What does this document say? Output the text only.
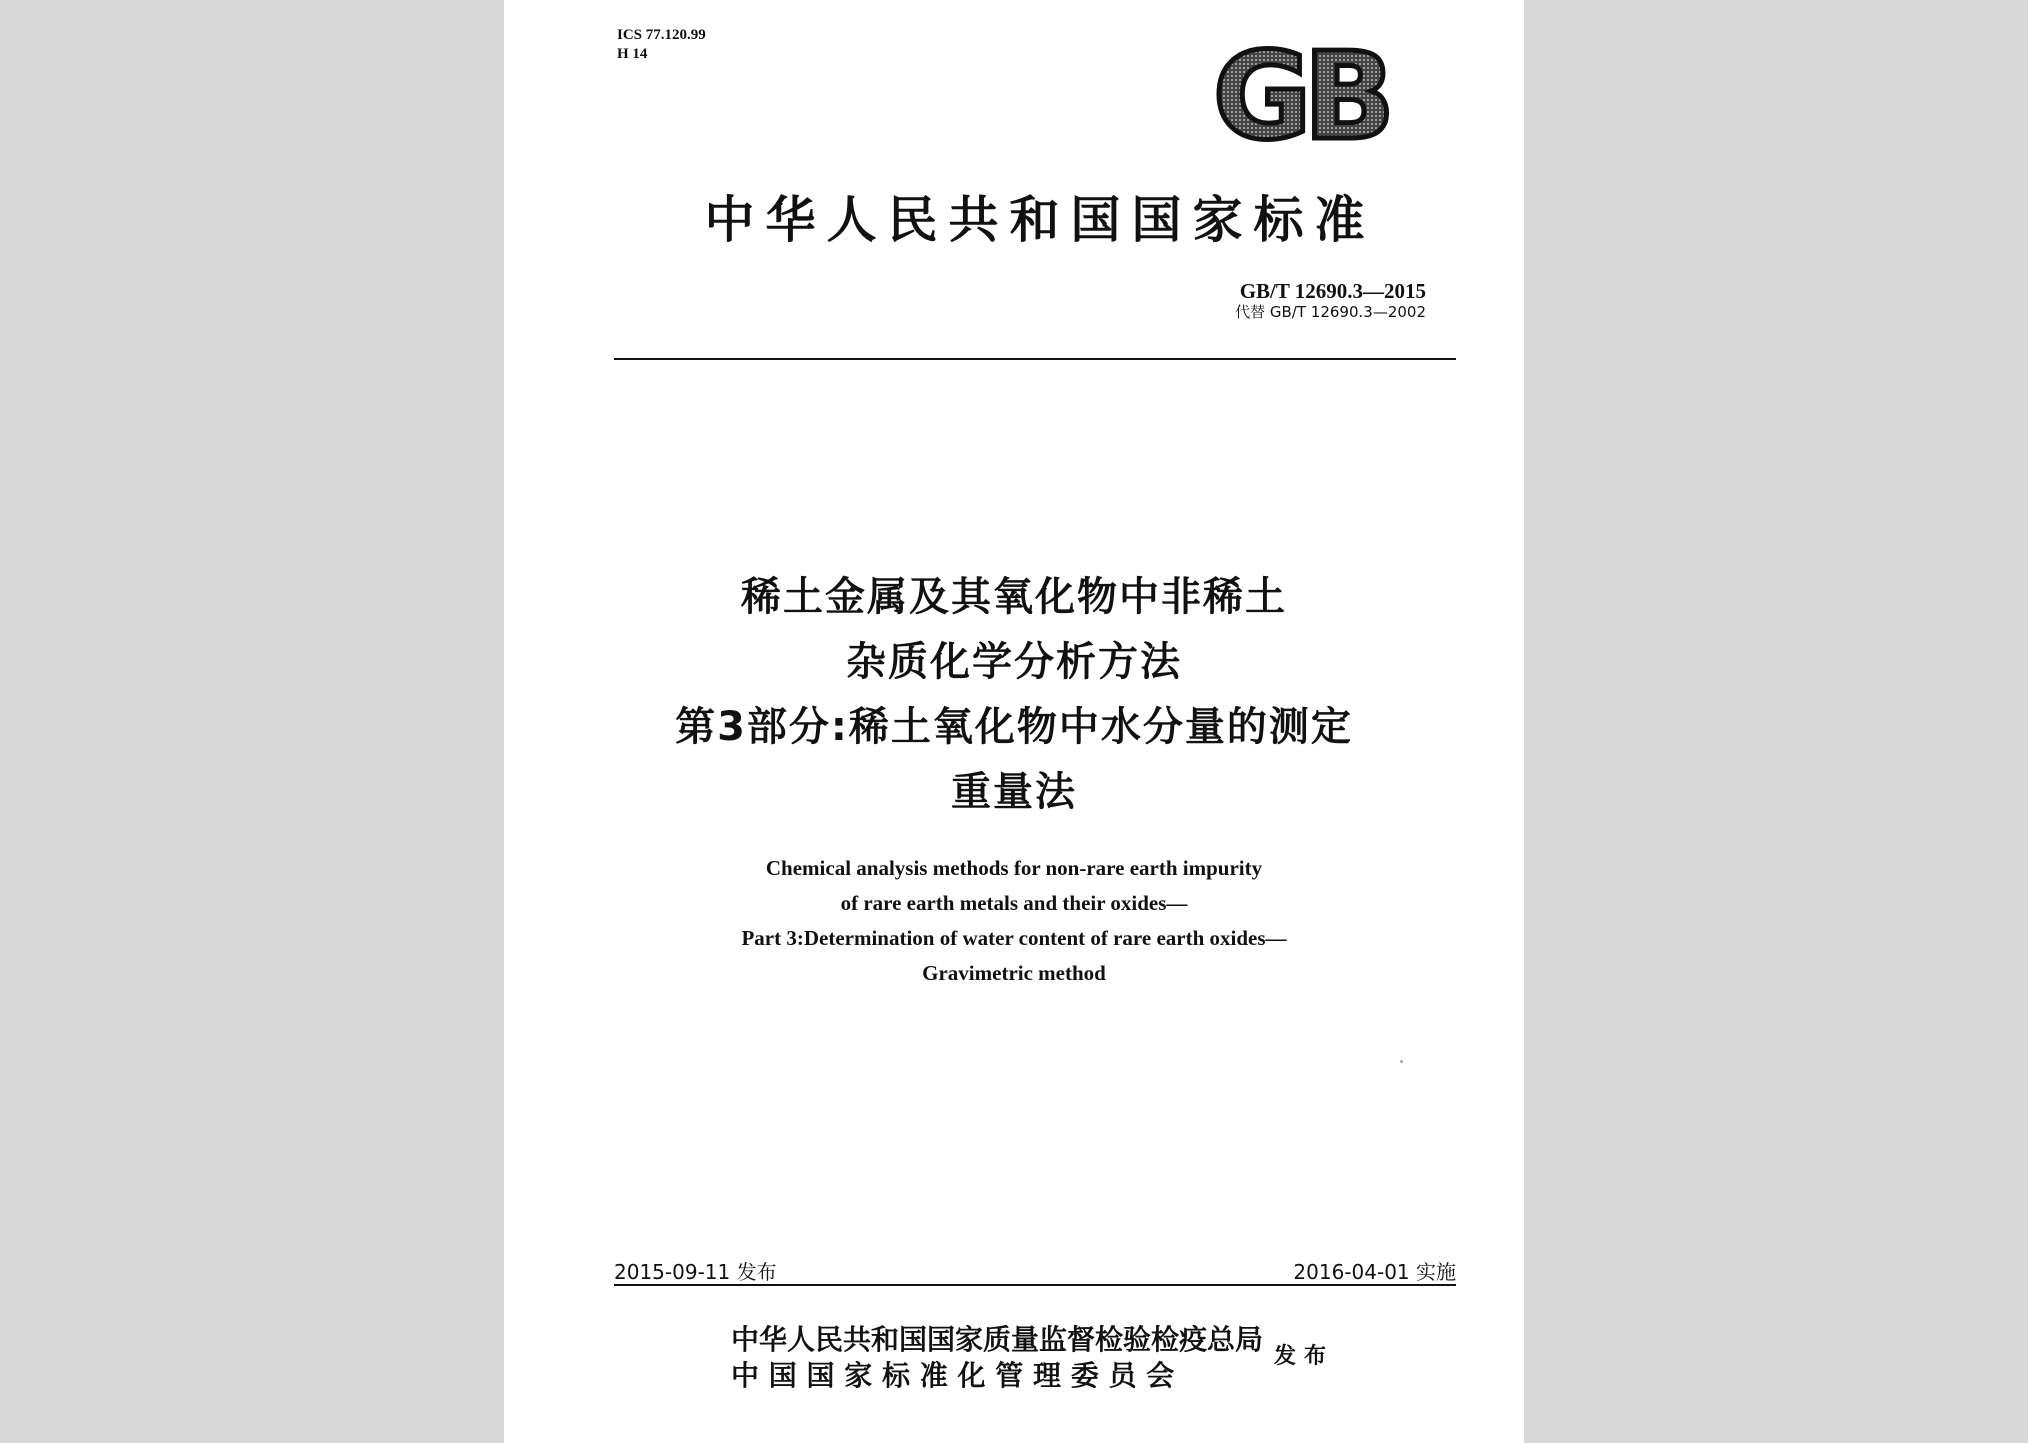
ICS 77.120.99
H 14	GB
中华人民共和国国家标准
GB/T 12690.3—2015
代替 GB/T 12690.3—2002
稀土金属及其氧化物中非稀土
杂质化学分析方法
第3部分:稀土氧化物中水分量的测定
重量法
Chemical analysis methods for non-rare earth impurity
of rare earth metals and their oxides—
Part 3:Determination of water content of rare earth oxides—
Gravimetric method
2015-09-11 发布	2016-04-01 实施
中华人民共和国国家质量监督检验检疫总局
中 国 国 家 标 准 化 管 理 委 员 会
发布
